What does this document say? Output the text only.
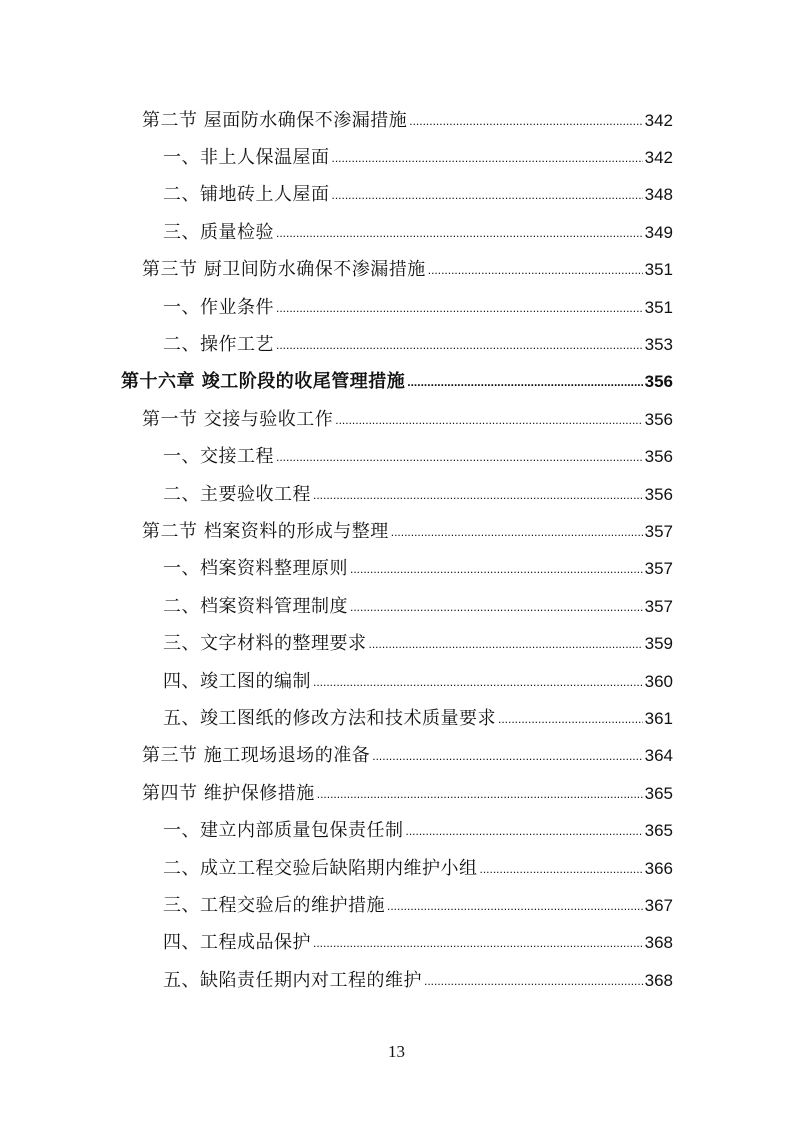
第二节 屋面防水确保不渗漏措施 .....	342
一、非上人保温屋面 .....	342
二、铺地砖上人屋面 .....	348
三、质量检验 .....	349
第三节 厨卫间防水确保不渗漏措施 .....	351
一、作业条件 .....	351
二、操作工艺 .....	353
第十六章 竣工阶段的收尾管理措施 .....	356
第一节 交接与验收工作 .....	356
一、交接工程 .....	356
二、主要验收工程 .....	356
第二节 档案资料的形成与整理 .....	357
一、档案资料整理原则 .....	357
二、档案资料管理制度 .....	357
三、文字材料的整理要求 .....	359
四、竣工图的编制 .....	360
五、竣工图纸的修改方法和技术质量要求 .....	361
第三节 施工现场退场的准备 .....	364
第四节 维护保修措施 .....	365
一、建立内部质量包保责任制 .....	365
二、成立工程交验后缺陷期内维护小组 .....	366
三、工程交验后的维护措施 .....	367
四、工程成品保护 .....	368
五、缺陷责任期内对工程的维护 .....	368
13
